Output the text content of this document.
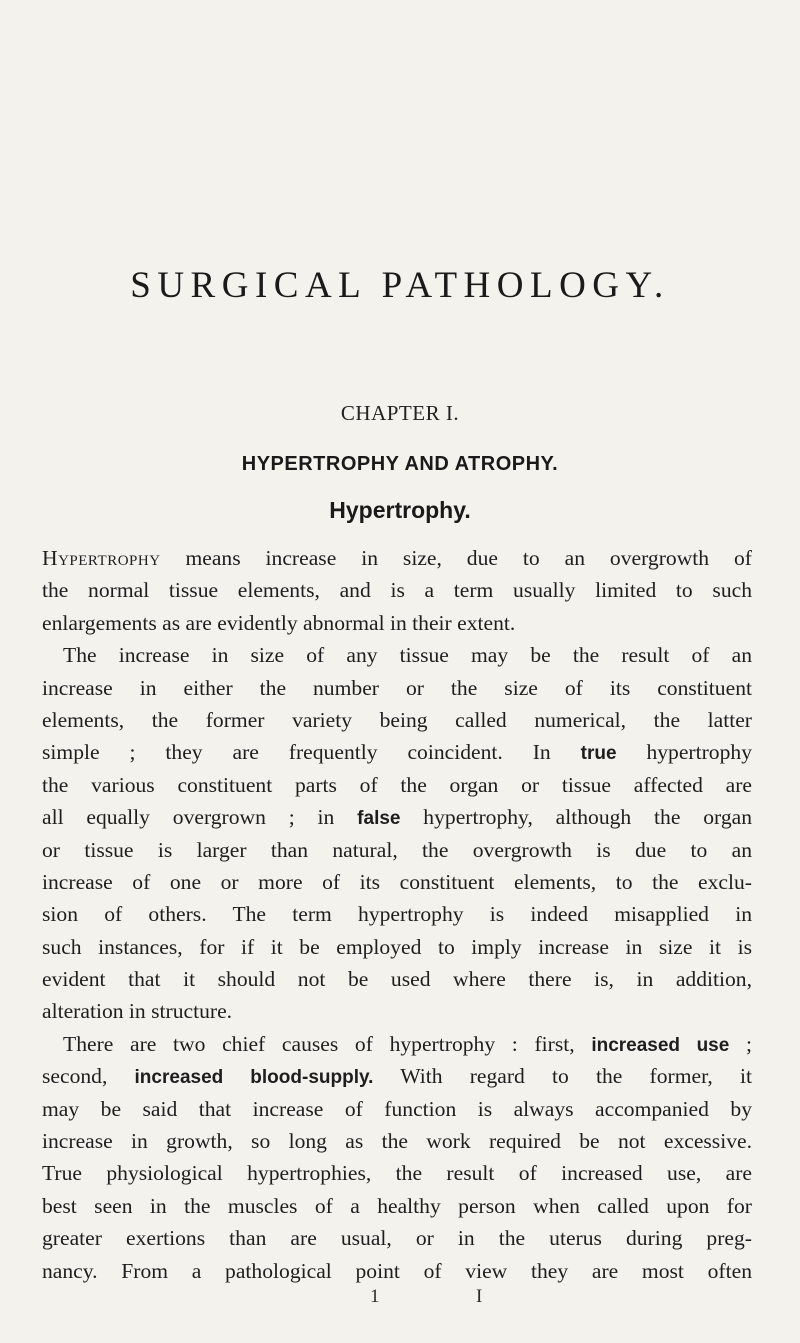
SURGICAL PATHOLOGY.
CHAPTER I.
HYPERTROPHY AND ATROPHY.
Hypertrophy.
Hypertrophy means increase in size, due to an overgrowth of
the normal tissue elements, and is a term usually limited to such
enlargements as are evidently abnormal in their extent.
The increase in size of any tissue may be the result of an
increase in either the number or the size of its constituent
elements, the former variety being called numerical, the latter
simple ; they are frequently coincident. In true hypertrophy
the various constituent parts of the organ or tissue affected are
all equally overgrown ; in false hypertrophy, although the organ
or tissue is larger than natural, the overgrowth is due to an
increase of one or more of its constituent elements, to the exclu-
sion of others. The term hypertrophy is indeed misapplied in
such instances, for if it be employed to imply increase in size it is
evident that it should not be used where there is, in addition,
alteration in structure.
There are two chief causes of hypertrophy : first, increased use ;
second, increased blood-supply. With regard to the former, it
may be said that increase of function is always accompanied by
increase in growth, so long as the work required be not excessive.
True physiological hypertrophies, the result of increased use, are
best seen in the muscles of a healthy person when called upon for
greater exertions than are usual, or in the uterus during preg-
nancy. From a pathological point of view they are most often
1	I
